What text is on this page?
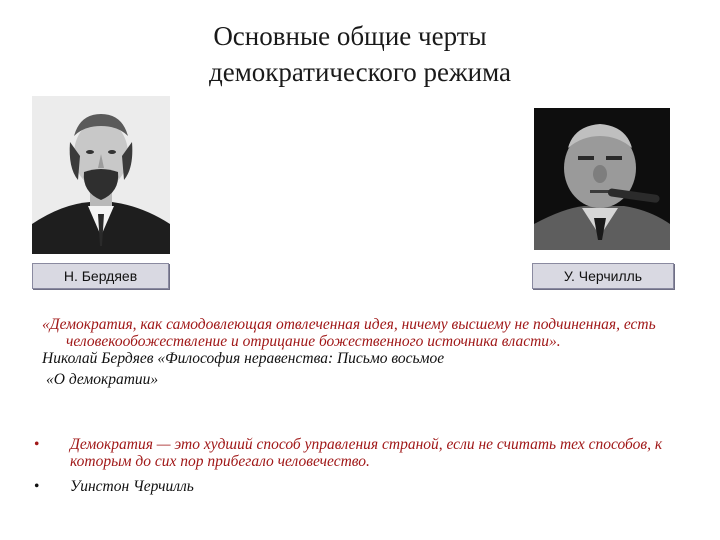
Основные общие черты
демократического режима
Н. Бердяев	У. Черчилль
«Демократия, как самодовлеющая отвлеченная идея, ничему высшему не подчиненная, есть человекообожествление и отрицание божественного источника власти».
Николай Бердяев «Философия неравенства: Письмо восьмое
«О демократии»
• Демократия — это худший способ управления страной, если не считать тех способов, к которым до сих пор прибегало человечество.
• Уинстон Черчилль
